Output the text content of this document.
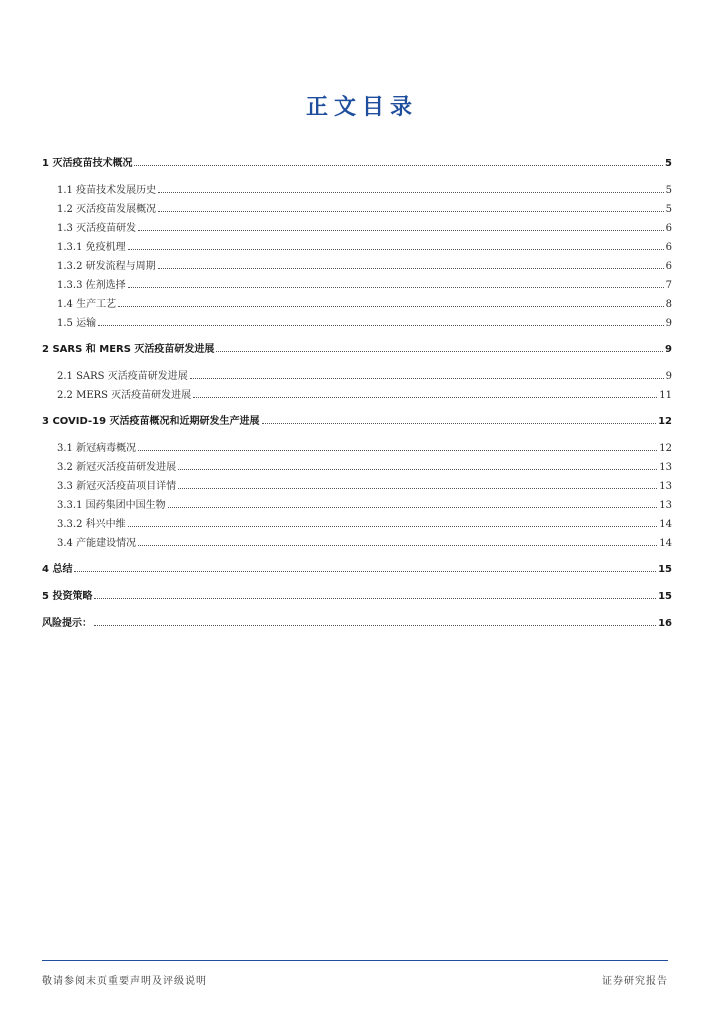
正文目录
1 灭活疫苗技术概况	5
1.1 疫苗技术发展历史	5
1.2 灭活疫苗发展概况	5
1.3 灭活疫苗研发	6
1.3.1 免疫机理	6
1.3.2 研发流程与周期	6
1.3.3 佐剂选择	7
1.4 生产工艺	8
1.5 运输	9
2 SARS 和 MERS 灭活疫苗研发进展	9
2.1 SARS 灭活疫苗研发进展	9
2.2 MERS 灭活疫苗研发进展	11
3 COVID-19 灭活疫苗概况和近期研发生产进展	12
3.1 新冠病毒概况	12
3.2 新冠灭活疫苗研发进展	13
3.3 新冠灭活疫苗项目详情	13
3.3.1 国药集团中国生物	13
3.3.2 科兴中维	14
3.4 产能建设情况	14
4 总结	15
5 投资策略	15
风险提示：	16
敬请参阅末页重要声明及评级说明	证券研究报告
